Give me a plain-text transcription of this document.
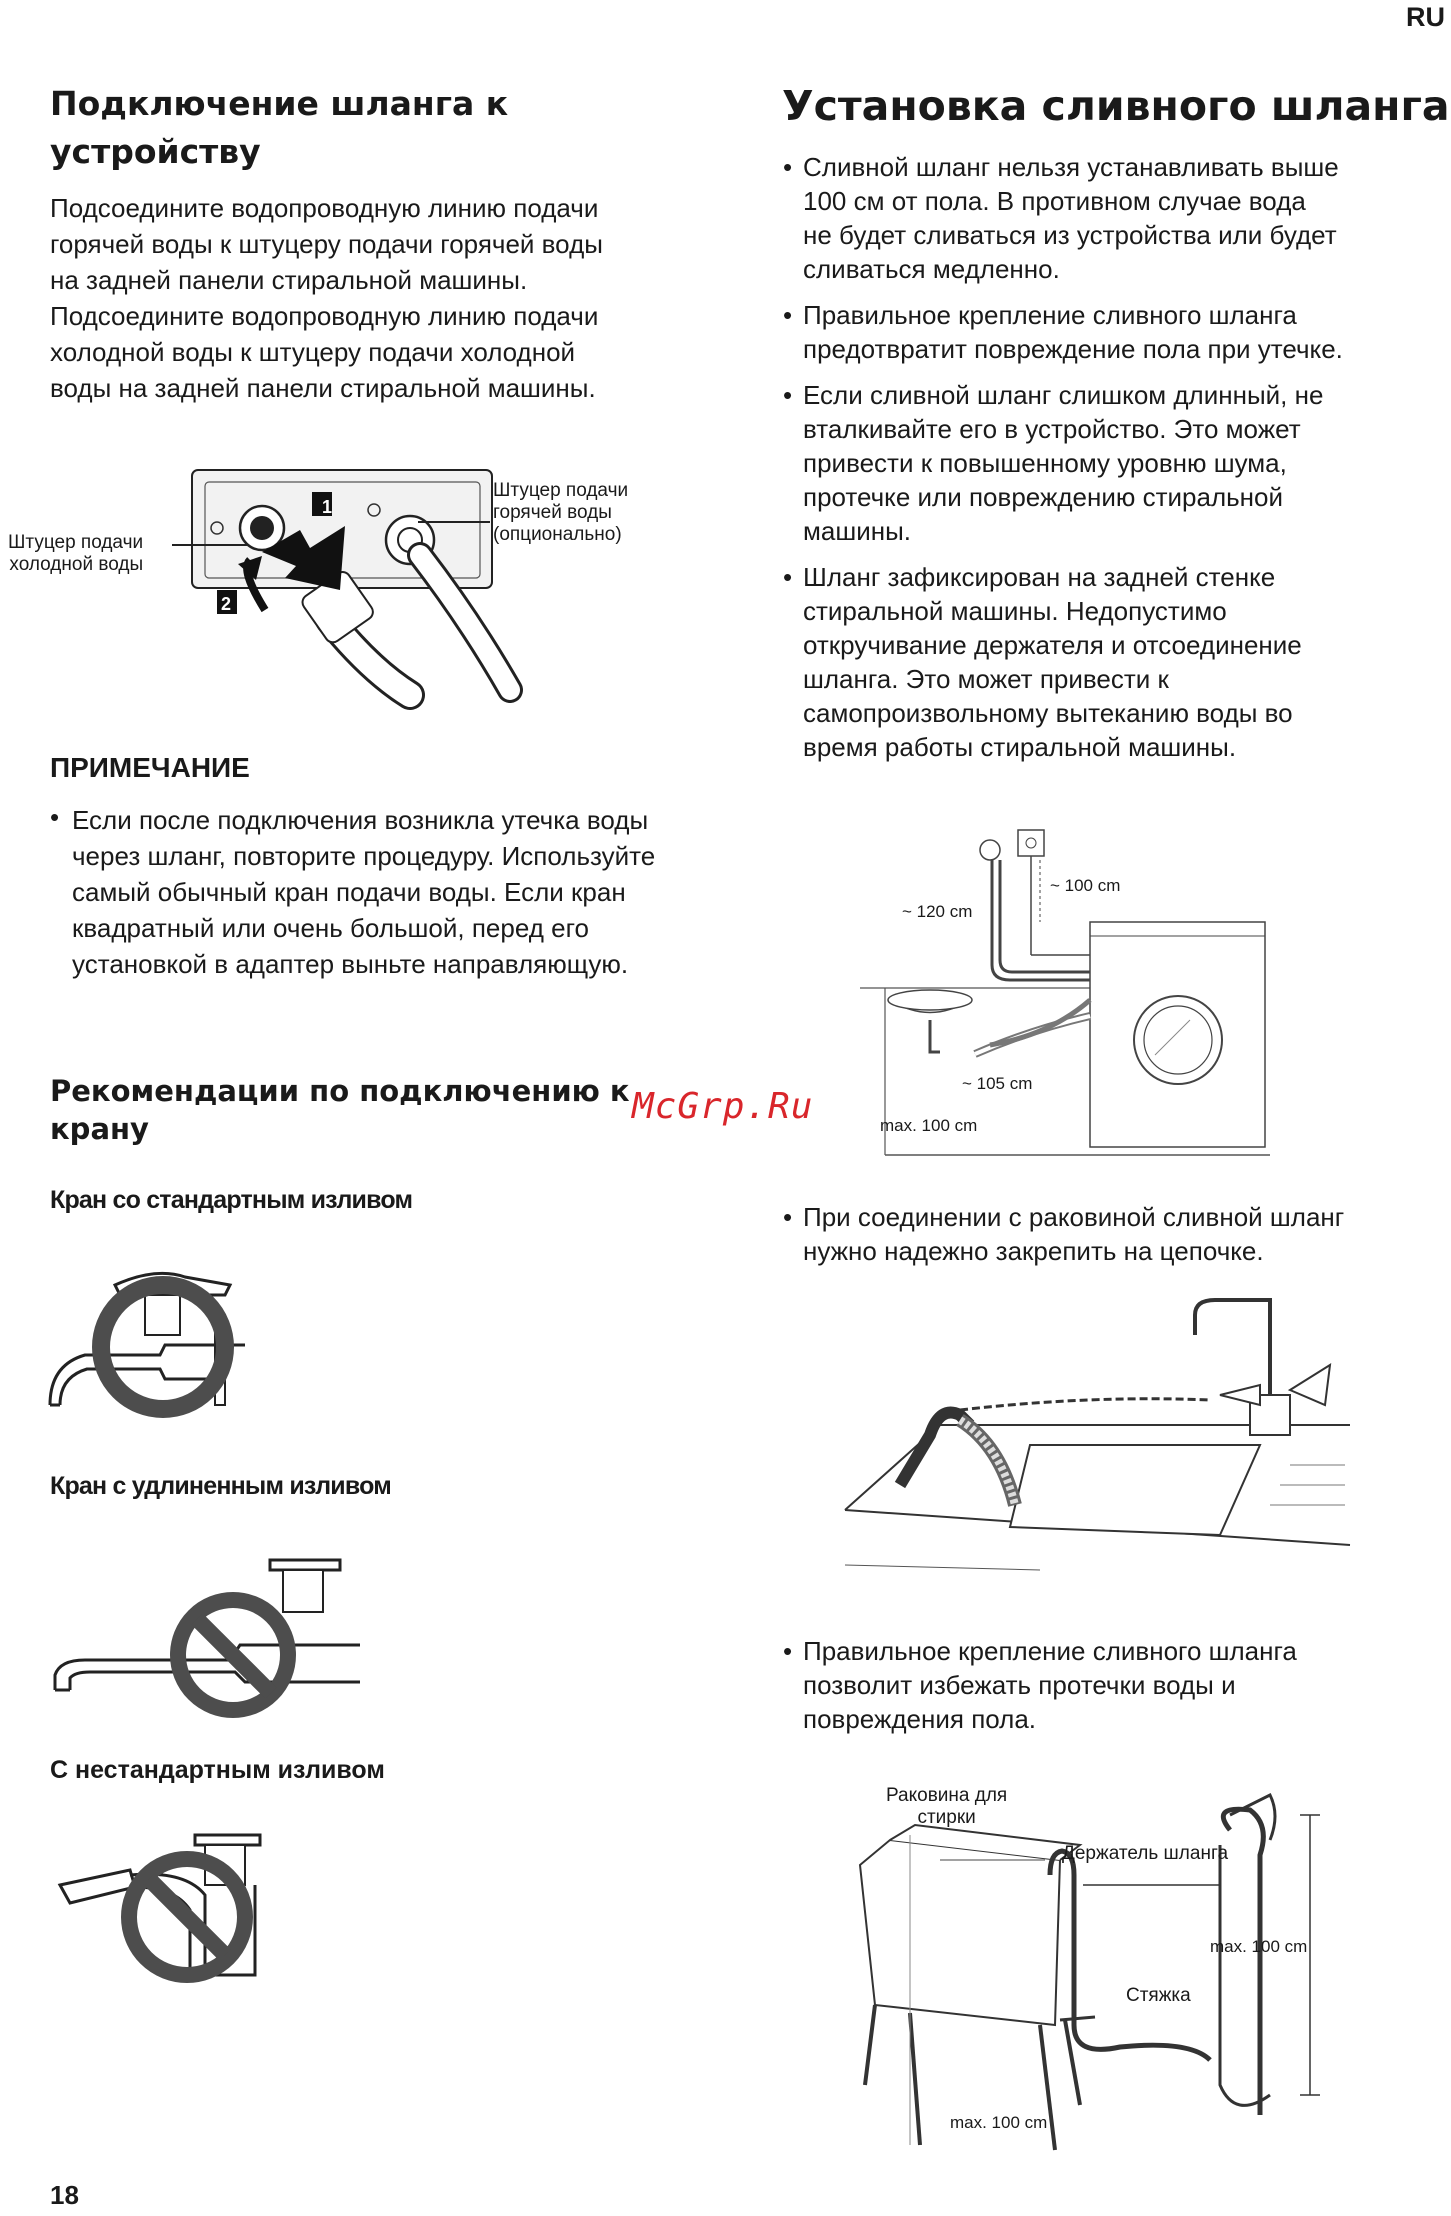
RU
Подключение шланга к
устройству

Подсоедините водопроводную линию подачи

горячей воды к штуцеру подачи горячей воды

на задней панели стиральной машины.

Подсоедините водопроводную линию подачи

холодной воды к штуцеру подачи холодной

воды на задней панели стиральной машины.

1
2
Штуцер подачи
холодной воды
Штуцер подачи
горячей воды
(опционально)
ПРИМЕЧАНИЕ
• Если после подключения возникла утечка воды

через шланг, повторите процедуру. Используйте

самый обычный кран подачи воды. Если кран

квадратный или очень большой, перед его

установкой в адаптер выньте направляющую.

Рекомендации по подключению к
крану
McGrp.Ru
Кран со стандартным изливом
Кран с удлиненным изливом
С нестандартным изливом
18
Установка сливного шланга
• Сливной шланг нельзя устанавливать выше
100 см от пола. В противном случае вода
не будет сливаться из устройства или будет
сливаться медленно.
• Правильное крепление сливного шланга
предотвратит повреждение пола при утечке.
• Если сливной шланг слишком длинный, не
вталкивайте его в устройство. Это может
привести к повышенному уровню шума,
протечке или повреждению стиральной
машины.
• Шланг зафиксирован на задней стенке
стиральной машины. Недопустимо
откручивание держателя и отсоединение
шланга. Это может привести к
самопроизвольному вытеканию воды во
время работы стиральной машины.
~ 120 cm
~ 100 cm
~ 105 cm
max. 100 cm
• При соединении с раковиной сливной шланг
нужно надежно закрепить на цепочке.
• Правильное крепление сливного шланга
позволит избежать протечки воды и
повреждения пола.
Раковина для
стирки
Держатель шланга
max. 100 cm
Стяжка
max. 100 cm
